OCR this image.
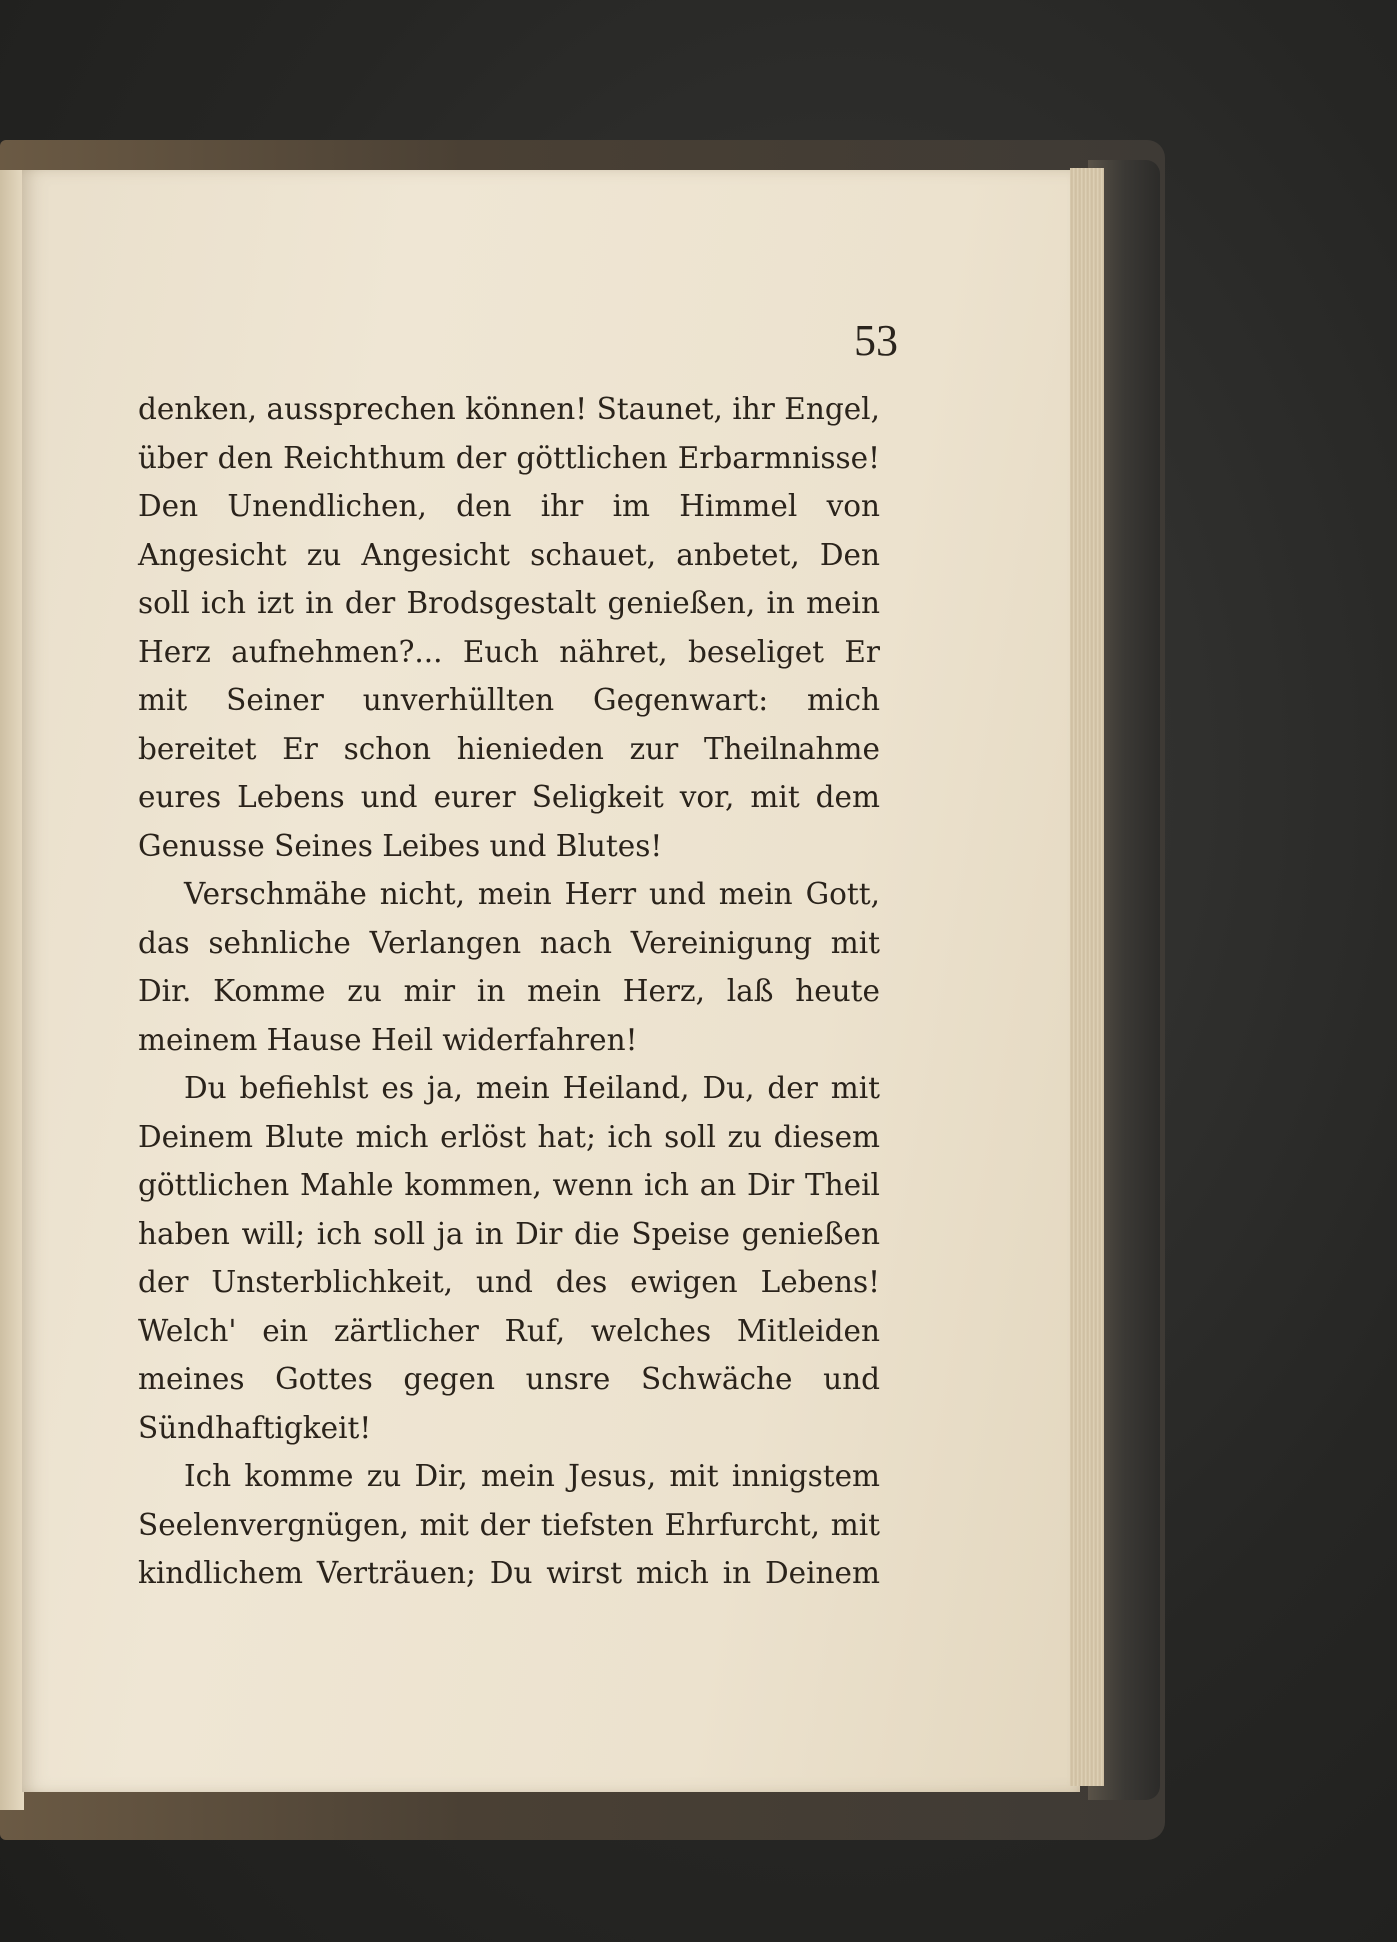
53

denken, aussprechen können! Staunet, ihr Engel, über den Reichthum der göttlichen Erbarmnisse! Den Unendlichen, den ihr im Himmel von Angesicht zu Angesicht schauet, anbetet, Den soll ich izt in der Brodsgestalt genießen, in mein Herz aufnehmen?... Euch nähret, beseliget Er mit Seiner unverhüllten Gegenwart: mich bereitet Er schon hienieden zur Theilnahme eures Lebens und eurer Seligkeit vor, mit dem Genusse Seines Leibes und Blutes!

Verschmähe nicht, mein Herr und mein Gott, das sehnliche Verlangen nach Vereinigung mit Dir. Komme zu mir in mein Herz, laß heute meinem Hause Heil widerfahren!

Du befiehlst es ja, mein Heiland, Du, der mit Deinem Blute mich erlöst hat; ich soll zu diesem göttlichen Mahle kommen, wenn ich an Dir Theil haben will; ich soll ja in Dir die Speise genießen der Unsterblichkeit, und des ewigen Lebens! Welch' ein zärtlicher Ruf, welches Mitleiden meines Gottes gegen unsre Schwäche und Sündhaftigkeit!

Ich komme zu Dir, mein Jesus, mit innigstem Seelenvergnügen, mit der tiefsten Ehrfurcht, mit kindlichem Verträuen; Du wirst mich in Deinem
